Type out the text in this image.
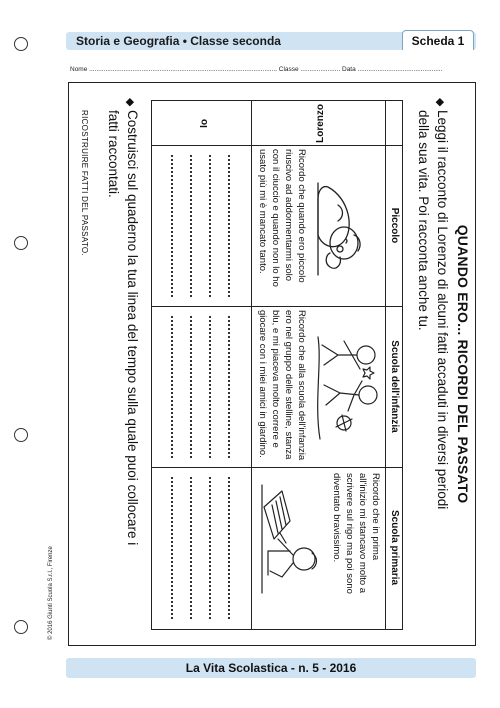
Storia e Geografia • Classe seconda	Scheda 1
Nome ........................................................................................................ Classe ...................... Data ...............................................
© 2016 Giunti Scuola S.r.l., Firenze
QUANDO ERO... RICORDI DEL PASSATO
◆
Leggi il racconto di Lorenzo di alcuni fatti accaduti in diversi periodi
della sua vita. Poi racconta anche tu.
Piccolo
Scuola dell'infanzia
Scuola primaria
Lorenzo
Io
Ricordo che quando ero piccolo
riuscivo ad addormentarmi solo
con il ciuccio e quando non lo ho
usato più mi è mancato tanto.
Ricordo che alla scuola dell'infanzia
ero nel gruppo delle stelline, stanza
blu, e mi piaceva molto correre e
giocare con i miei amici in giardino.
Ricordo che in prima
all'inizio mi stancavo molto a
scrivere sul rigo ma poi sono
diventato bravissimo.
◆
Costruisci sul quaderno la tua linea del tempo sulla quale puoi collocare i
fatti raccontati.
RICOSTRUIRE FATTI DEL PASSATO.
La Vita Scolastica - n. 5 - 2016
